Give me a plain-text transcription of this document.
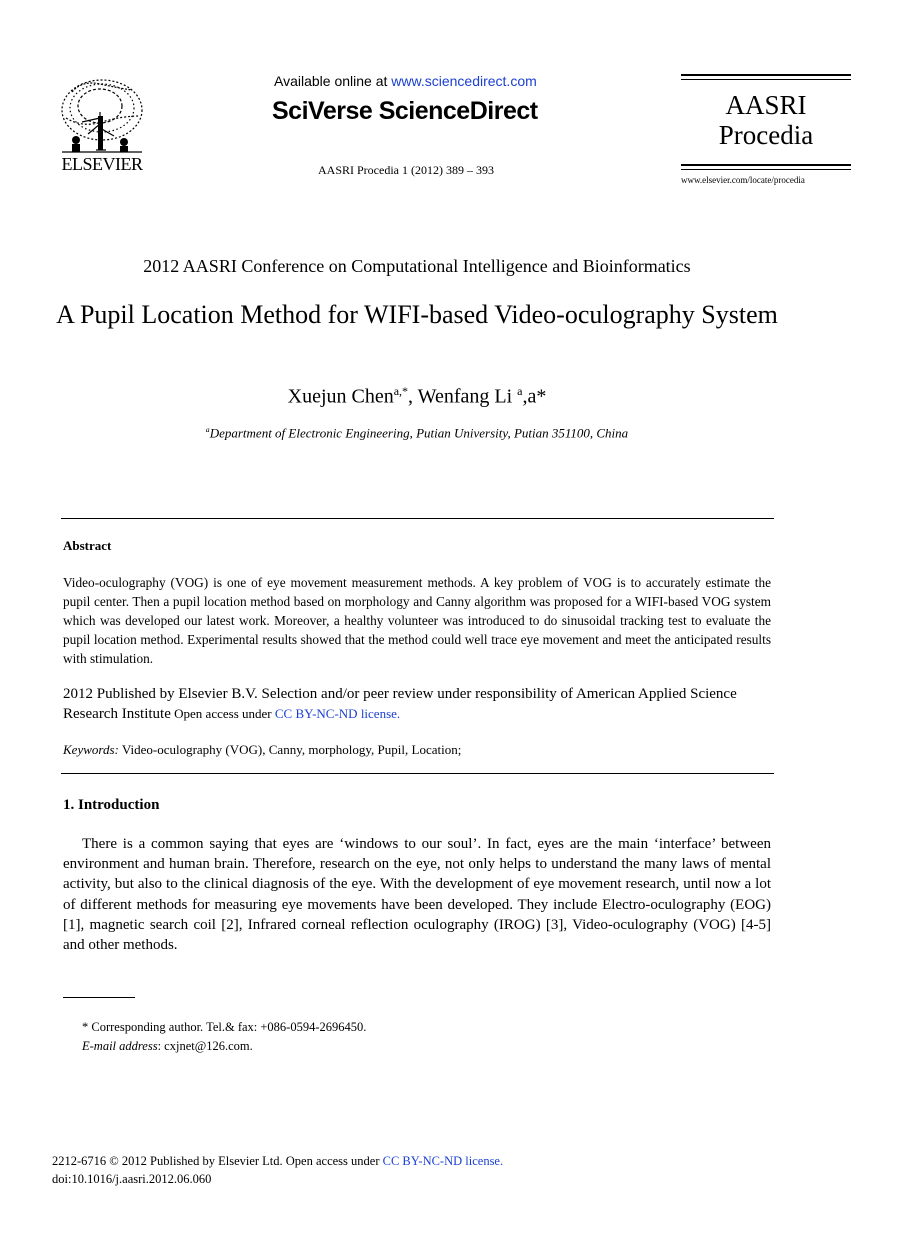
ELSEVIER
Available online at www.sciencedirect.com
SciVerse ScienceDirect
AASRI Procedia 1 (2012) 389 – 393
AASRI
Procedia
www.elsevier.com/locate/procedia
2012 AASRI Conference on Computational Intelligence and Bioinformatics
A Pupil Location Method for WIFI-based Video-oculography System
Xuejun Chen$^{a,*}$, Wenfang Li $^a$,a*
$^a$Department of Electronic Engineering, Putian University, Putian 351100, China
Abstract
Video-oculography (VOG) is one of eye movement measurement methods. A key problem of VOG is to accurately estimate the pupil center. Then a pupil location method based on morphology and Canny algorithm was proposed for a WIFI-based VOG system which was developed our latest work. Moreover, a healthy volunteer was introduced to do sinusoidal tracking test to evaluate the pupil location method. Experimental results showed that the method could well trace eye movement and meet the anticipated results with stimulation.
2012 Published by Elsevier B.V. Selection and/or peer review under responsibility of American Applied Science Research Institute Open access under CC BY-NC-ND license.
Keywords: Video-oculography (VOG), Canny, morphology, Pupil, Location;
1. Introduction
There is a common saying that eyes are ‘windows to our soul’. In fact, eyes are the main ‘interface’ between environment and human brain. Therefore, research on the eye, not only helps to understand the many laws of mental activity, but also to the clinical diagnosis of the eye. With the development of eye movement research, until now a lot of different methods for measuring eye movements have been developed. They include Electro-oculography (EOG) [1], magnetic search coil [2], Infrared corneal reflection oculography (IROG) [3], Video-oculography (VOG) [4-5] and other methods.
* Corresponding author. Tel.& fax: +086-0594-2696450.
E-mail address: cxjnet@126.com.
2212-6716 © 2012 Published by Elsevier Ltd. Open access under CC BY-NC-ND license.
doi:10.1016/j.aasri.2012.06.060
